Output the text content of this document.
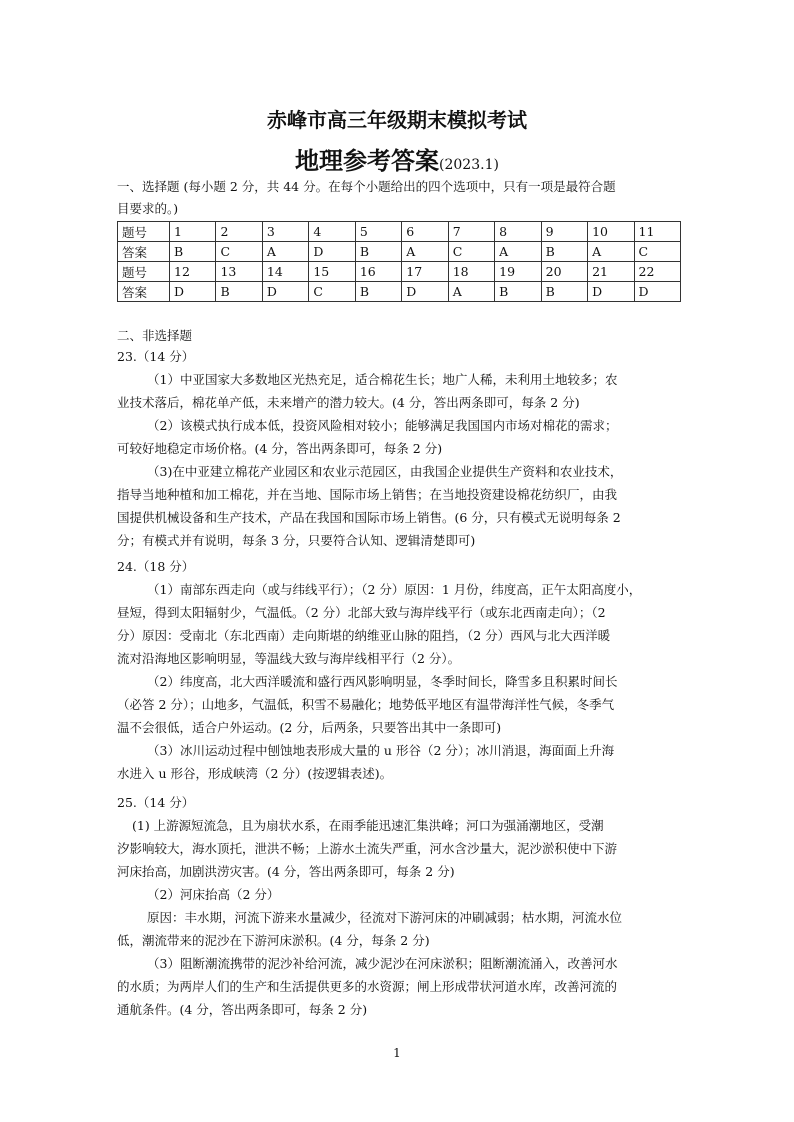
赤峰市高三年级期末模拟考试
地理参考答案(2023.1)
一、选择题 (每小题 2 分，共 44 分。在每个小题给出的四个选项中，只有一项是最符合题
目要求的。)
题号	1	2	3	4	5	6	7	8	9	10	11
答案	B	C	A	D	B	A	C	A	B	A	C
题号	12	13	14	15	16	17	18	19	20	21	22
答案	D	B	D	C	B	D	A	B	B	D	D
二、非选择题
23.（14 分）
（1）中亚国家大多数地区光热充足，适合棉花生长；地广人稀，未利用土地较多；农
业技术落后，棉花单产低，未来增产的潜力较大。(4 分，答出两条即可，每条 2 分)
（2）该模式执行成本低，投资风险相对较小；能够满足我国国内市场对棉花的需求；
可较好地稳定市场价格。(4 分，答出两条即可，每条 2 分)
（3)在中亚建立棉花产业园区和农业示范园区，由我国企业提供生产资料和农业技术，
指导当地种植和加工棉花，并在当地、国际市场上销售；在当地投资建设棉花纺织厂，由我
国提供机械设备和生产技术，产品在我国和国际市场上销售。(6 分，只有模式无说明每条 2
分；有模式并有说明，每条 3 分，只要符合认知、逻辑清楚即可)
24.（18 分）
（1）南部东西走向（或与纬线平行）；（2 分）原因：1 月份，纬度高，正午太阳高度小，
昼短，得到太阳辐射少，气温低。（2 分）北部大致与海岸线平行（或东北西南走向）；（2
分）原因：受南北（东北西南）走向斯堪的纳维亚山脉的阻挡，（2 分）西风与北大西洋暖
流对沿海地区影响明显，等温线大致与海岸线相平行（2 分）。
（2）纬度高，北大西洋暖流和盛行西风影响明显，冬季时间长，降雪多且积累时间长
（必答 2 分）；山地多，气温低，积雪不易融化；地势低平地区有温带海洋性气候，冬季气
温不会很低，适合户外运动。(2 分，后两条，只要答出其中一条即可)
（3）冰川运动过程中刨蚀地表形成大量的 u 形谷（2 分）；冰川消退，海面面上升海
水进入 u 形谷，形成峡湾（2 分）(按逻辑表述)。
25.（14 分）
(1) 上游源短流急，且为扇状水系，在雨季能迅速汇集洪峰；河口为强涌潮地区，受潮
汐影响较大，海水顶托，泄洪不畅；上游水土流失严重，河水含沙量大，泥沙淤积使中下游
河床抬高，加剧洪涝灾害。(4 分，答出两条即可，每条 2 分)
（2）河床抬高（2 分）
原因：丰水期，河流下游来水量减少，径流对下游河床的冲刷减弱；枯水期，河流水位
低，潮流带来的泥沙在下游河床淤积。(4 分，每条 2 分)
（3）阻断潮流携带的泥沙补给河流，减少泥沙在河床淤积；阻断潮流涌入，改善河水
的水质；为两岸人们的生产和生活提供更多的水资源；闸上形成带状河道水库，改善河流的
通航条件。(4 分，答出两条即可，每条 2 分)
1
